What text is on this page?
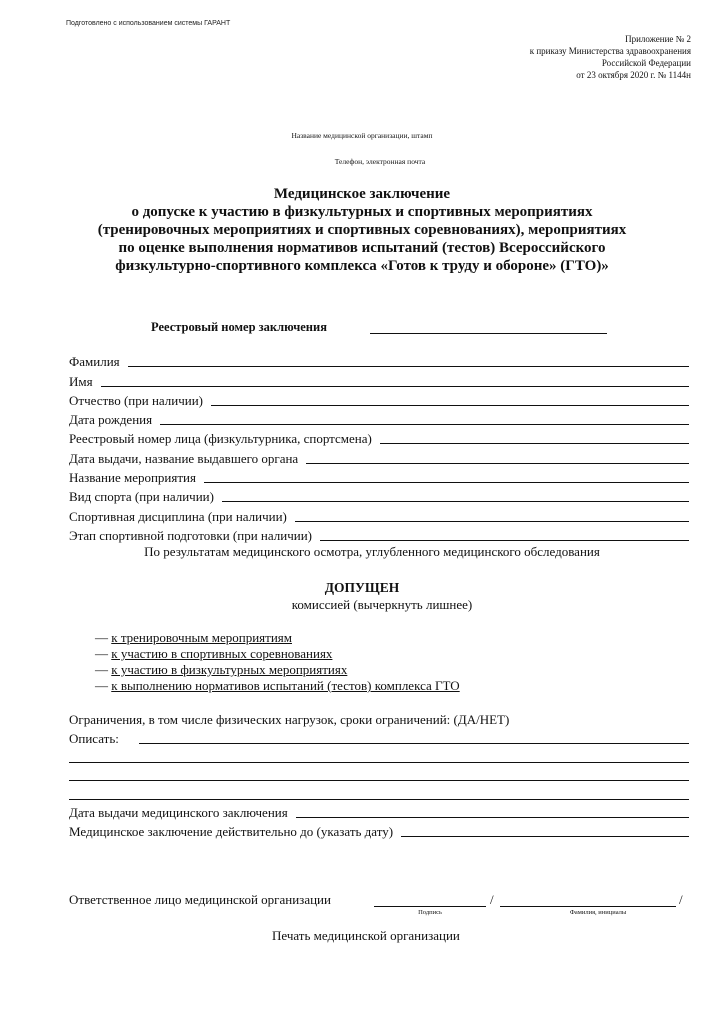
Подготовлено с использованием системы ГАРАНТ
Приложение № 2
к приказу Министерства здравоохранения
Российской Федерации
от 23 октября 2020 г. № 1144н
Название медицинской организации, штамп
Телефон, электронная почта
Медицинское заключение
о допуске к участию в физкультурных и спортивных мероприятиях
(тренировочных мероприятиях и спортивных соревнованиях), мероприятиях
по оценке выполнения нормативов испытаний (тестов) Всероссийского
физкультурно-спортивного комплекса «Готов к труду и обороне» (ГТО)»
Реестровый номер заключения
Фамилия
Имя
Отчество (при наличии)
Дата рождения
Реестровый номер лица (физкультурника, спортсмена)
Дата выдачи, название выдавшего органа
Название мероприятия
Вид спорта (при наличии)
Спортивная дисциплина (при наличии)
Этап спортивной подготовки (при наличии)
По результатам медицинского осмотра, углубленного медицинского обследования
ДОПУЩЕН
комиссией (вычеркнуть лишнее)
— к тренировочным мероприятиям
— к участию в спортивных соревнованиях
— к участию в физкультурных мероприятиях
— к выполнению нормативов испытаний (тестов) комплекса ГТО
Ограничения, в том числе физических нагрузок, сроки ограничений: (ДА/НЕТ)
Описать:
Дата выдачи медицинского заключения
Медицинское заключение действительно до (указать дату)
Ответственное лицо медицинской организации	/	/
Подпись	Фамилия, инициалы
Печать медицинской организации
